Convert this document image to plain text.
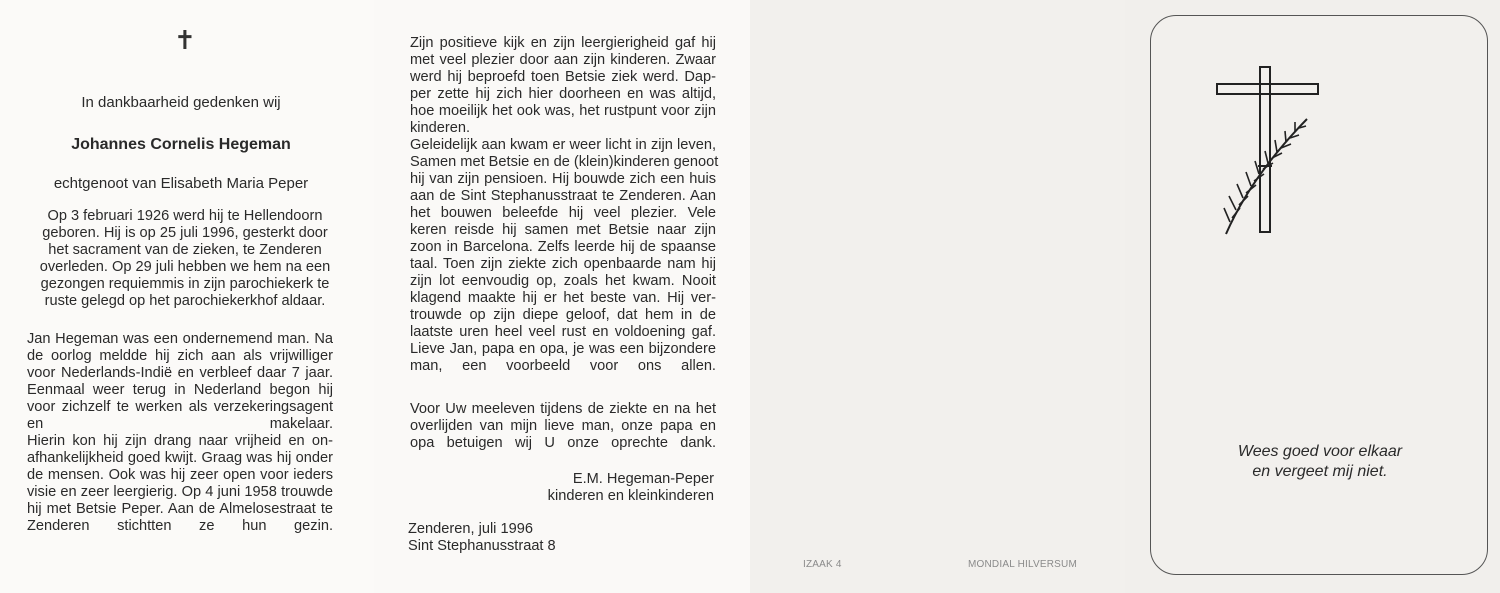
✝
In dankbaarheid gedenken wij
Johannes Cornelis Hegeman
echtgenoot van Elisabeth Maria Peper
Op 3 februari 1926 werd hij te Hellendoorn
geboren. Hij is op 25 juli 1996, gesterkt door
het sacrament van de zieken, te Zenderen
overleden. Op 29 juli hebben we hem na een
gezongen requiemmis in zijn parochiekerk te
ruste gelegd op het parochiekerkhof aldaar.
Jan Hegeman was een ondernemend man. Na
de oorlog meldde hij zich aan als vrijwilliger
voor Nederlands-Indië en verbleef daar 7 jaar.
Eenmaal weer terug in Nederland begon hij
voor zichzelf te werken als verzekeringsagent
en makelaar.
Hierin kon hij zijn drang naar vrijheid en on-
afhankelijkheid goed kwijt. Graag was hij onder
de mensen. Ook was hij zeer open voor ieders
visie en zeer leergierig. Op 4 juni 1958 trouwde
hij met Betsie Peper. Aan de Almelosestraat te
Zenderen stichtten ze hun gezin.
Zijn positieve kijk en zijn leergierigheid gaf hij
met veel plezier door aan zijn kinderen. Zwaar
werd hij beproefd toen Betsie ziek werd. Dap-
per zette hij zich hier doorheen en was altijd,
hoe moeilijk het ook was, het rustpunt voor zijn
kinderen.
Geleidelijk aan kwam er weer licht in zijn leven,
Samen met Betsie en de (klein)kinderen genoot
hij van zijn pensioen. Hij bouwde zich een huis
aan de Sint Stephanusstraat te Zenderen. Aan
het bouwen beleefde hij veel plezier. Vele
keren reisde hij samen met Betsie naar zijn
zoon in Barcelona. Zelfs leerde hij de spaanse
taal. Toen zijn ziekte zich openbaarde nam hij
zijn lot eenvoudig op, zoals het kwam. Nooit
klagend maakte hij er het beste van. Hij ver-
trouwde op zijn diepe geloof, dat hem in de
laatste uren heel veel rust en voldoening gaf.
Lieve Jan, papa en opa, je was een bijzondere
man, een voorbeeld voor ons allen.
Voor Uw meeleven tijdens de ziekte en na het
overlijden van mijn lieve man, onze papa en
opa betuigen wij U onze oprechte dank.
E.M. Hegeman-Peper
kinderen en kleinkinderen
Zenderen, juli 1996
Sint Stephanusstraat 8
IZAAK 4	MONDIAL HILVERSUM
Wees goed voor elkaar
en vergeet mij niet.
